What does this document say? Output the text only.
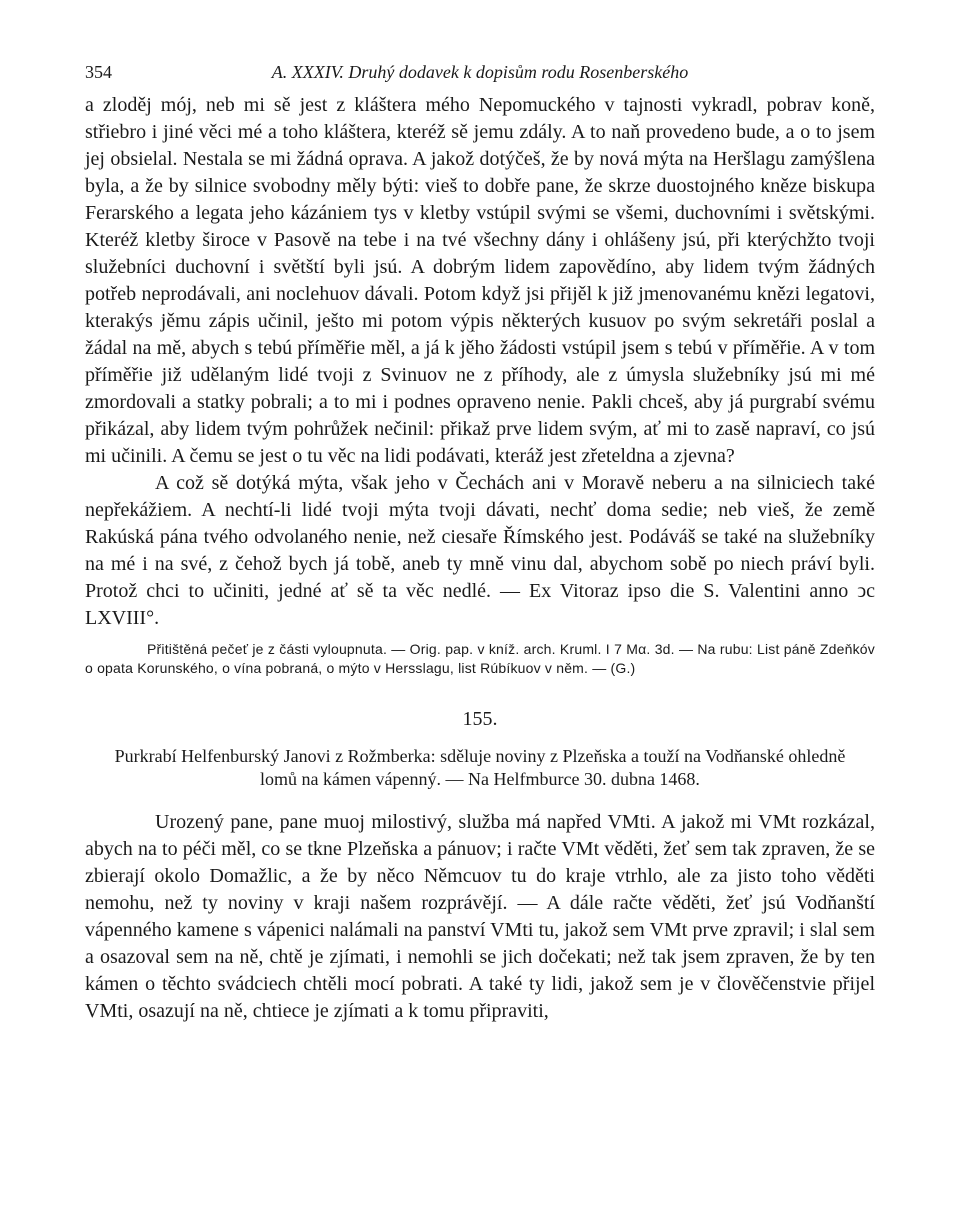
354	A. XXXIV. Druhý dodavek k dopisům rodu Rosenberského

a zloděj mój, neb mi sě jest z kláštera mého Nepomuckého v tajnosti vykradl, pobrav koně, střiebro i jiné věci mé a toho kláštera, kteréž sě jemu zdály. A to naň provedeno bude, a o to jsem jej obsielal. Nestala se mi žádná oprava. A jakož dotýčeš, že by nová mýta na Heršlagu zamýšlena byla, a že by silnice svobodny měly býti: vieš to dobře pane, že skrze duostojného kněze biskupa Ferarského a legata jeho kázániem tys v kletby vstúpil svými se všemi, duchovními i světskými. Kteréž kletby široce v Pasově na tebe i na tvé všechny dány i ohlášeny jsú, při kterýchžto tvoji služebníci duchovní i světští byli jsú. A dobrým lidem zapovědíno, aby lidem tvým žádných potřeb neprodávali, ani noclehuov dávali. Potom když jsi přijěl k již jmenovanému knězi legatovi, kterakýs jěmu zápis učinil, ješto mi potom výpis některých kusuov po svým sekretáři poslal a žádal na mě, abych s tebú příměřie měl, a já k jěho žádosti vstúpil jsem s tebú v příměřie. A v tom příměřie již udělaným lidé tvoji z Svinuov ne z příhody, ale z úmysla služebníky jsú mi mé zmordovali a statky pobrali; a to mi i podnes opraveno nenie. Pakli chceš, aby já purgrabí svému přikázal, aby lidem tvým pohrůžek nečinil: přikaž prve lidem svým, ať mi to zasě napraví, co jsú mi učinili. A čemu se jest o tu věc na lidi podávati, kteráž jest zřeteldna a zjevna?

A což sě dotýká mýta, však jeho v Čechách ani v Moravě neberu a na silniciech také nepřekážiem. A nechtí-li lidé tvoji mýta tvoji dávati, nechť doma sedie; neb vieš, že země Rakúská pána tvého odvolaného nenie, než ciesaře Římského jest. Podáváš se také na služebníky na mé i na své, z čehož bych já tobě, aneb ty mně vinu dal, abychom sobě po niech práví byli. Protož chci to učiniti, jedné ať sě ta věc nedlé. — Ex Vitoraz ipso die S. Valentini anno ↄc LXVIII°.

Přitištěná pečeť je z části vyloupnuta. — Orig. pap. v kníž. arch. Kruml. I 7 Mα. 3d. — Na rubu: List páně Zdeňkóv o opata Korunského, o vína pobraná, o mýto v Hersslagu, list Rúbíkuov v něm. — (G.)
155.
Purkrabí Helfenburský Janovi z Rožmberka: sděluje noviny z Plzeňska a touží na Vodňanské ohledně lomů na kámen vápenný. — Na Helfmburce 30. dubna 1468.

Urozený pane, pane muoj milostivý, služba má napřed VMti. A jakož mi VMt rozkázal, abych na to péči měl, co se tkne Plzeňska a pánuov; i račte VMt věděti, žeť sem tak zpraven, že se zbierají okolo Domažlic, a že by něco Němcuov tu do kraje vtrhlo, ale za jisto toho věděti nemohu, než ty noviny v kraji našem rozprávějí. — A dále račte věděti, žeť jsú Vodňanští vápenného kamene s vápenici nalámali na panství VMti tu, jakož sem VMt prve zpravil; i slal sem a osazoval sem na ně, chtě je zjímati, i nemohli se jich dočekati; než tak jsem zpraven, že by ten kámen o těchto svádciech chtěli mocí pobrati. A také ty lidi, jakož sem je v člověčenstvie přijel VMti, osazují na ně, chtiece je zjímati a k tomu připraviti,
